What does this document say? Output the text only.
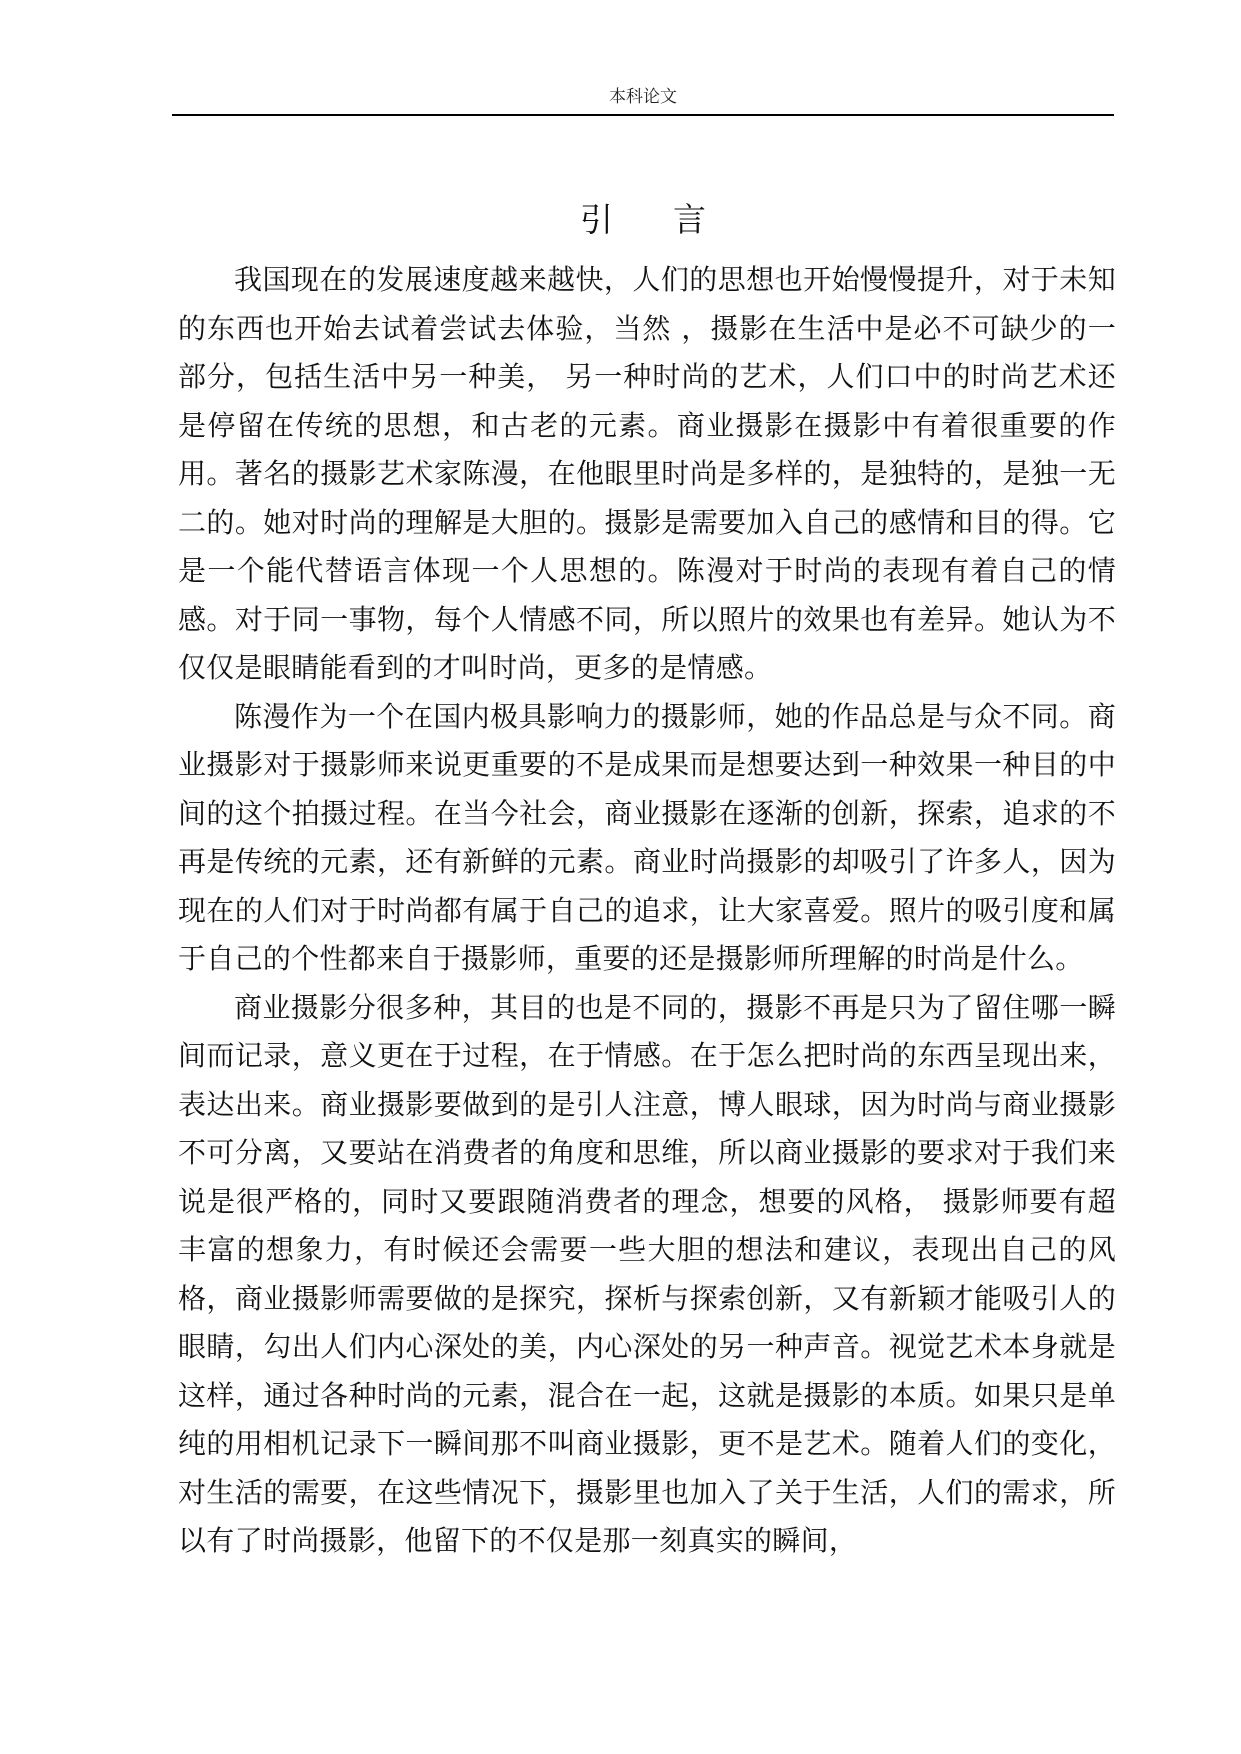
本科论文
引言

我国现在的发展速度越来越快，人们的思想也开始慢慢提升，对于未知的东西也开始去试着尝试去体验，当然 ，摄影在生活中是必不可缺少的一部分，包括生活中另一种美， 另一种时尚的艺术，人们口中的时尚艺术还是停留在传统的思想，和古老的元素。商业摄影在摄影中有着很重要的作用。著名的摄影艺术家陈漫，在他眼里时尚是多样的，是独特的，是独一无二的。她对时尚的理解是大胆的。摄影是需要加入自己的感情和目的得。它是一个能代替语言体现一个人思想的。陈漫对于时尚的表现有着自己的情感。对于同一事物，每个人情感不同，所以照片的效果也有差异。她认为不仅仅是眼睛能看到的才叫时尚，更多的是情感。

陈漫作为一个在国内极具影响力的摄影师，她的作品总是与众不同。商业摄影对于摄影师来说更重要的不是成果而是想要达到一种效果一种目的中间的这个拍摄过程。在当今社会，商业摄影在逐渐的创新，探索，追求的不再是传统的元素，还有新鲜的元素。商业时尚摄影的却吸引了许多人，因为现在的人们对于时尚都有属于自己的追求，让大家喜爱。照片的吸引度和属于自己的个性都来自于摄影师，重要的还是摄影师所理解的时尚是什么。

商业摄影分很多种，其目的也是不同的，摄影不再是只为了留住哪一瞬间而记录，意义更在于过程，在于情感。在于怎么把时尚的东西呈现出来，表达出来。商业摄影要做到的是引人注意，博人眼球，因为时尚与商业摄影不可分离，又要站在消费者的角度和思维，所以商业摄影的要求对于我们来说是很严格的，同时又要跟随消费者的理念，想要的风格， 摄影师要有超丰富的想象力，有时候还会需要一些大胆的想法和建议，表现出自己的风格，商业摄影师需要做的是探究，探析与探索创新，又有新颖才能吸引人的眼睛，勾出人们内心深处的美，内心深处的另一种声音。视觉艺术本身就是这样，通过各种时尚的元素，混合在一起，这就是摄影的本质。如果只是单纯的用相机记录下一瞬间那不叫商业摄影，更不是艺术。随着人们的变化，对生活的需要，在这些情况下，摄影里也加入了关于生活，人们的需求，所以有了时尚摄影，他留下的不仅是那一刻真实的瞬间，
